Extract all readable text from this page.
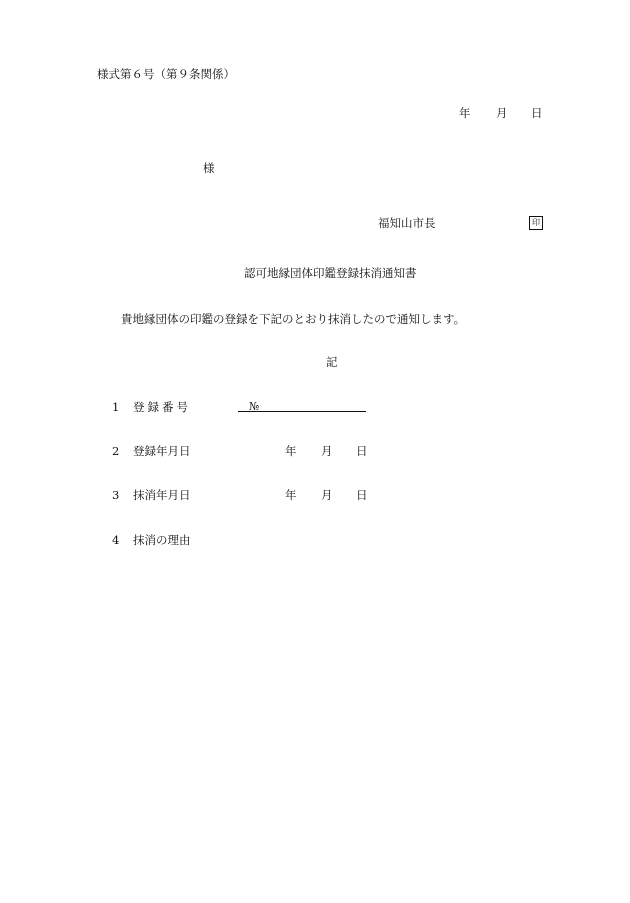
様式第６号（第９条関係）
年 月 日
様
福知山市長	印
認可地縁団体印鑑登録抹消通知書
貴地縁団体の印鑑の登録を下記のとおり抹消したので通知します。
記
1 登録番号	№
2 登録年月日	年 月 日
3 抹消年月日	年 月 日
4 抹消の理由
